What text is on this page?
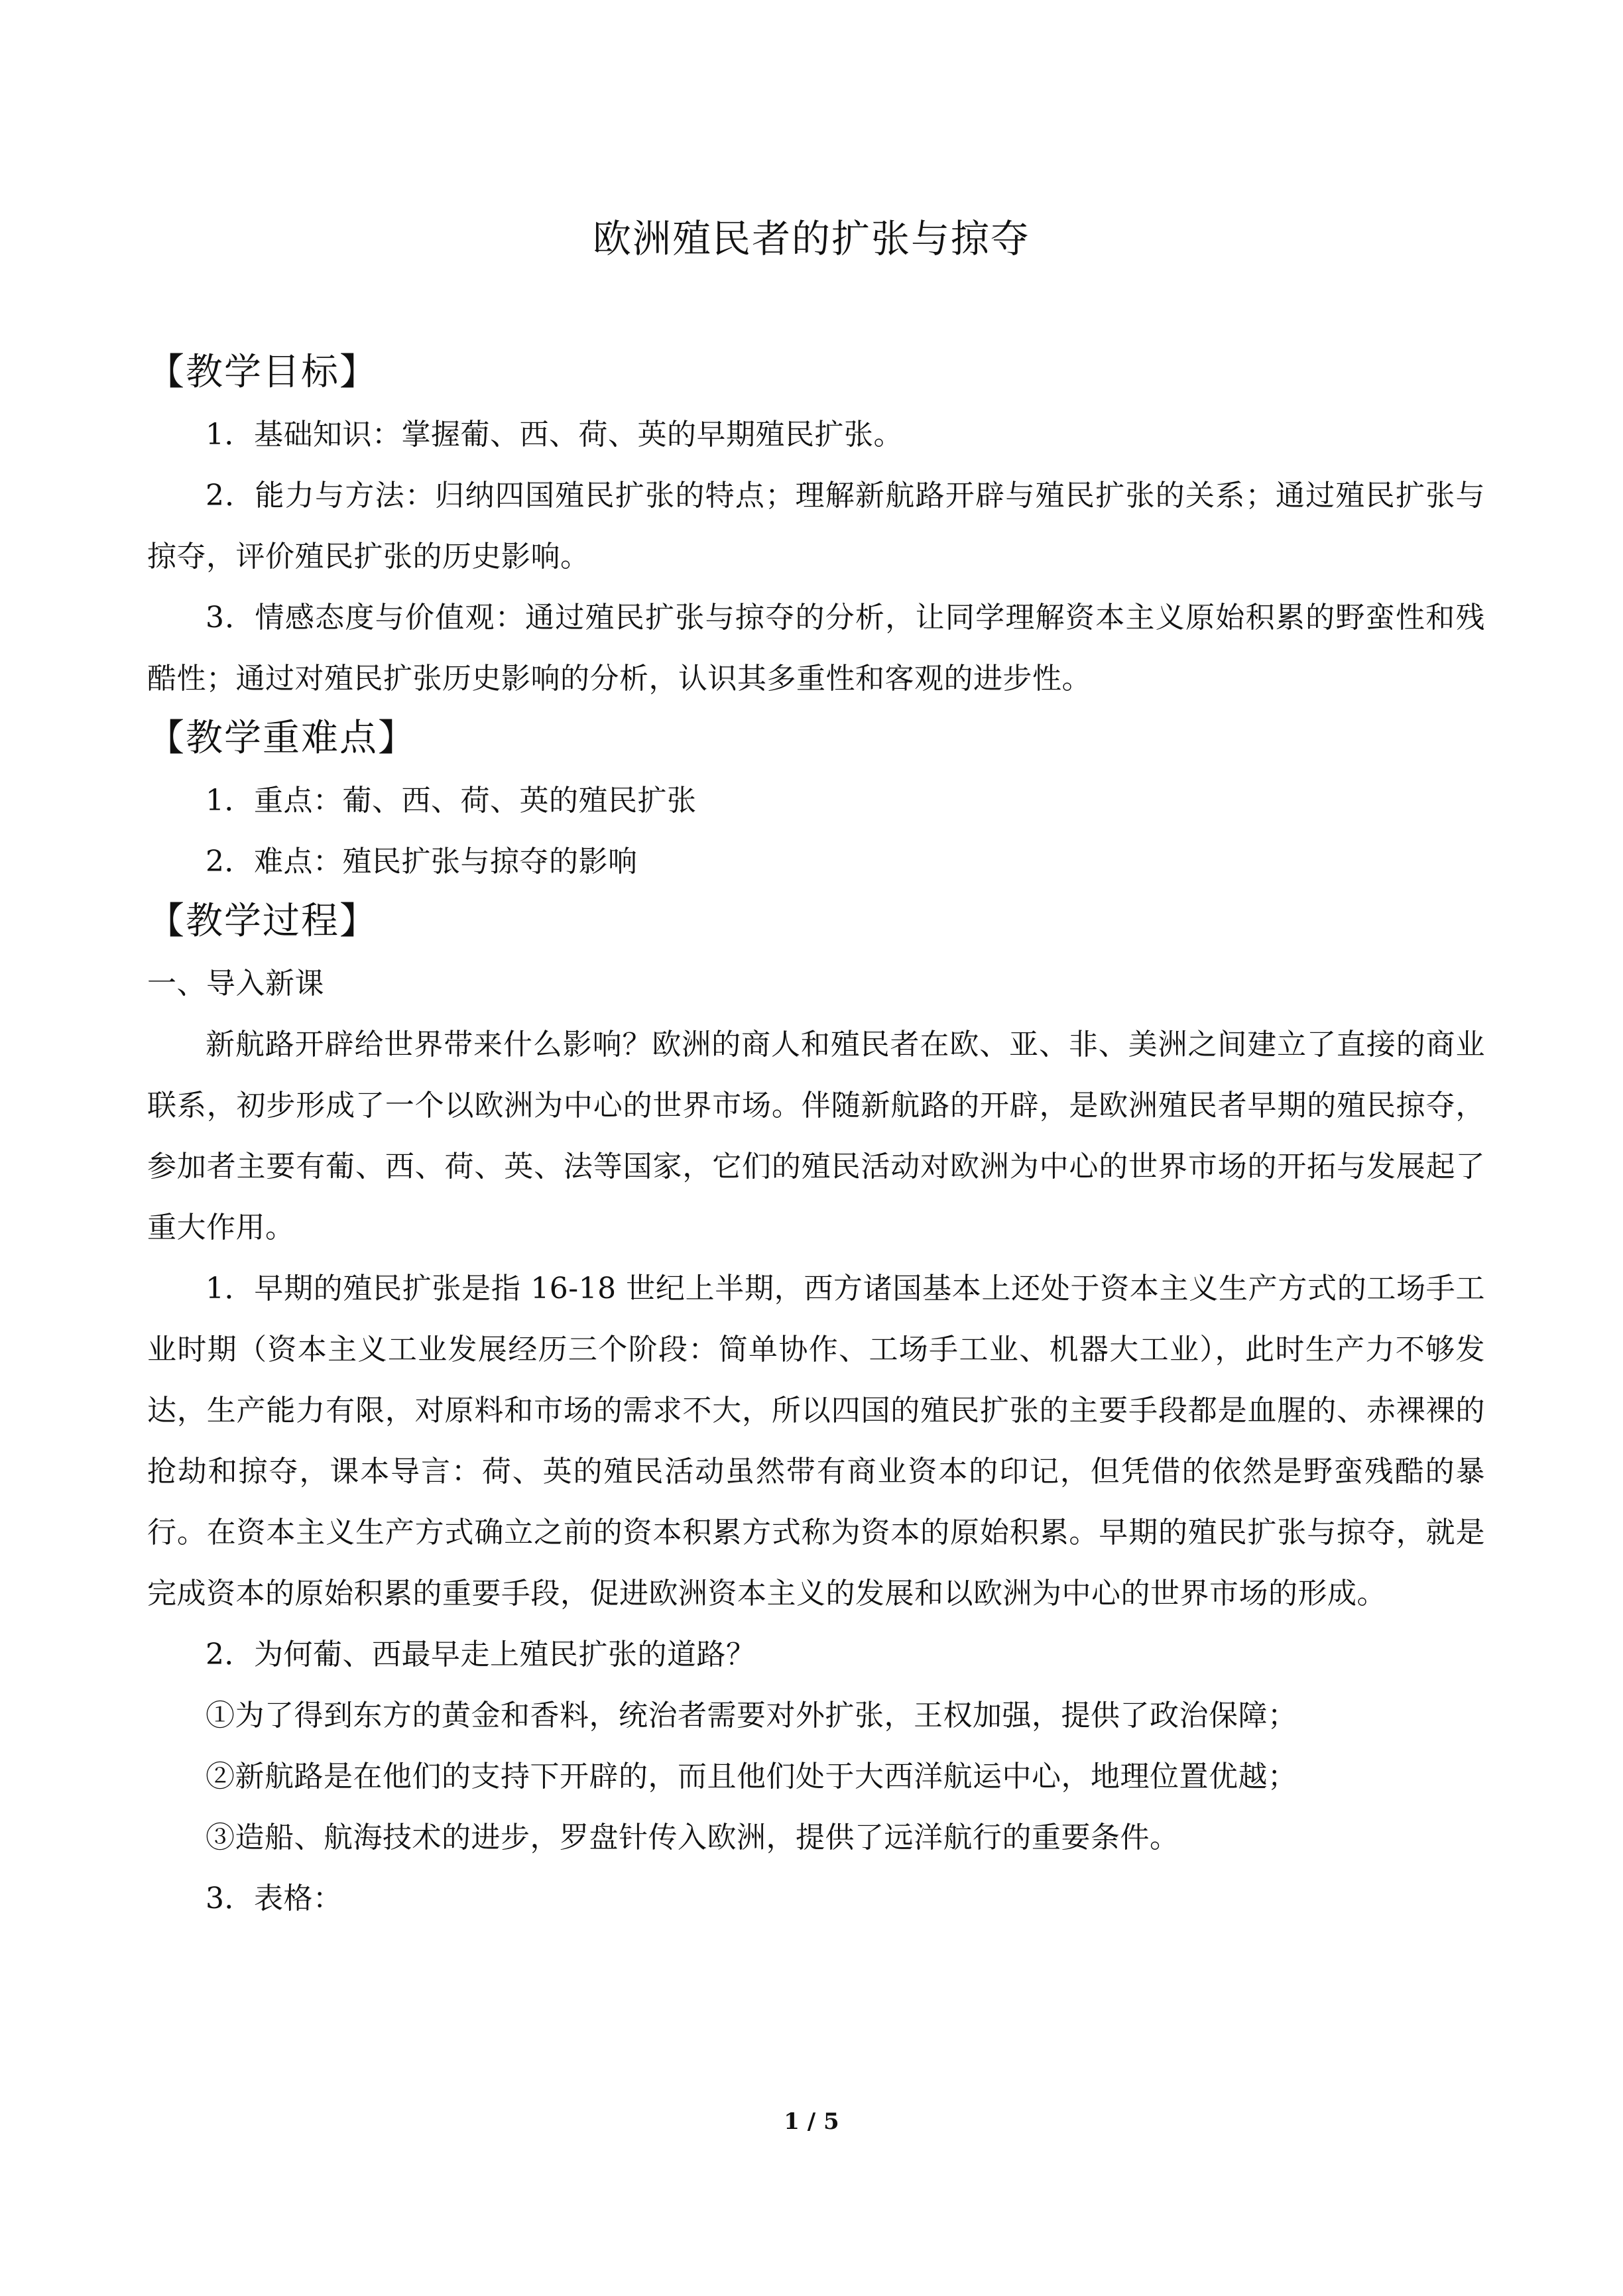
欧洲殖民者的扩张与掠夺

【教学目标】

1．基础知识：掌握葡、西、荷、英的早期殖民扩张。

2．能力与方法：归纳四国殖民扩张的特点；理解新航路开辟与殖民扩张的关系；通过殖民扩张与掠夺，评价殖民扩张的历史影响。

3．情感态度与价值观：通过殖民扩张与掠夺的分析，让同学理解资本主义原始积累的野蛮性和残酷性；通过对殖民扩张历史影响的分析，认识其多重性和客观的进步性。

【教学重难点】

1．重点：葡、西、荷、英的殖民扩张

2．难点：殖民扩张与掠夺的影响

【教学过程】

一、导入新课

新航路开辟给世界带来什么影响？欧洲的商人和殖民者在欧、亚、非、美洲之间建立了直接的商业联系，初步形成了一个以欧洲为中心的世界市场。伴随新航路的开辟，是欧洲殖民者早期的殖民掠夺，参加者主要有葡、西、荷、英、法等国家，它们的殖民活动对欧洲为中心的世界市场的开拓与发展起了重大作用。

1．早期的殖民扩张是指 16-18 世纪上半期，西方诸国基本上还处于资本主义生产方式的工场手工业时期（资本主义工业发展经历三个阶段：简单协作、工场手工业、机器大工业），此时生产力不够发达，生产能力有限，对原料和市场的需求不大，所以四国的殖民扩张的主要手段都是血腥的、赤裸裸的抢劫和掠夺，课本导言：荷、英的殖民活动虽然带有商业资本的印记，但凭借的依然是野蛮残酷的暴行。在资本主义生产方式确立之前的资本积累方式称为资本的原始积累。早期的殖民扩张与掠夺，就是完成资本的原始积累的重要手段，促进欧洲资本主义的发展和以欧洲为中心的世界市场的形成。

2．为何葡、西最早走上殖民扩张的道路？

①为了得到东方的黄金和香料，统治者需要对外扩张，王权加强，提供了政治保障；

②新航路是在他们的支持下开辟的，而且他们处于大西洋航运中心，地理位置优越；

③造船、航海技术的进步，罗盘针传入欧洲，提供了远洋航行的重要条件。

3．表格：

1 / 5
